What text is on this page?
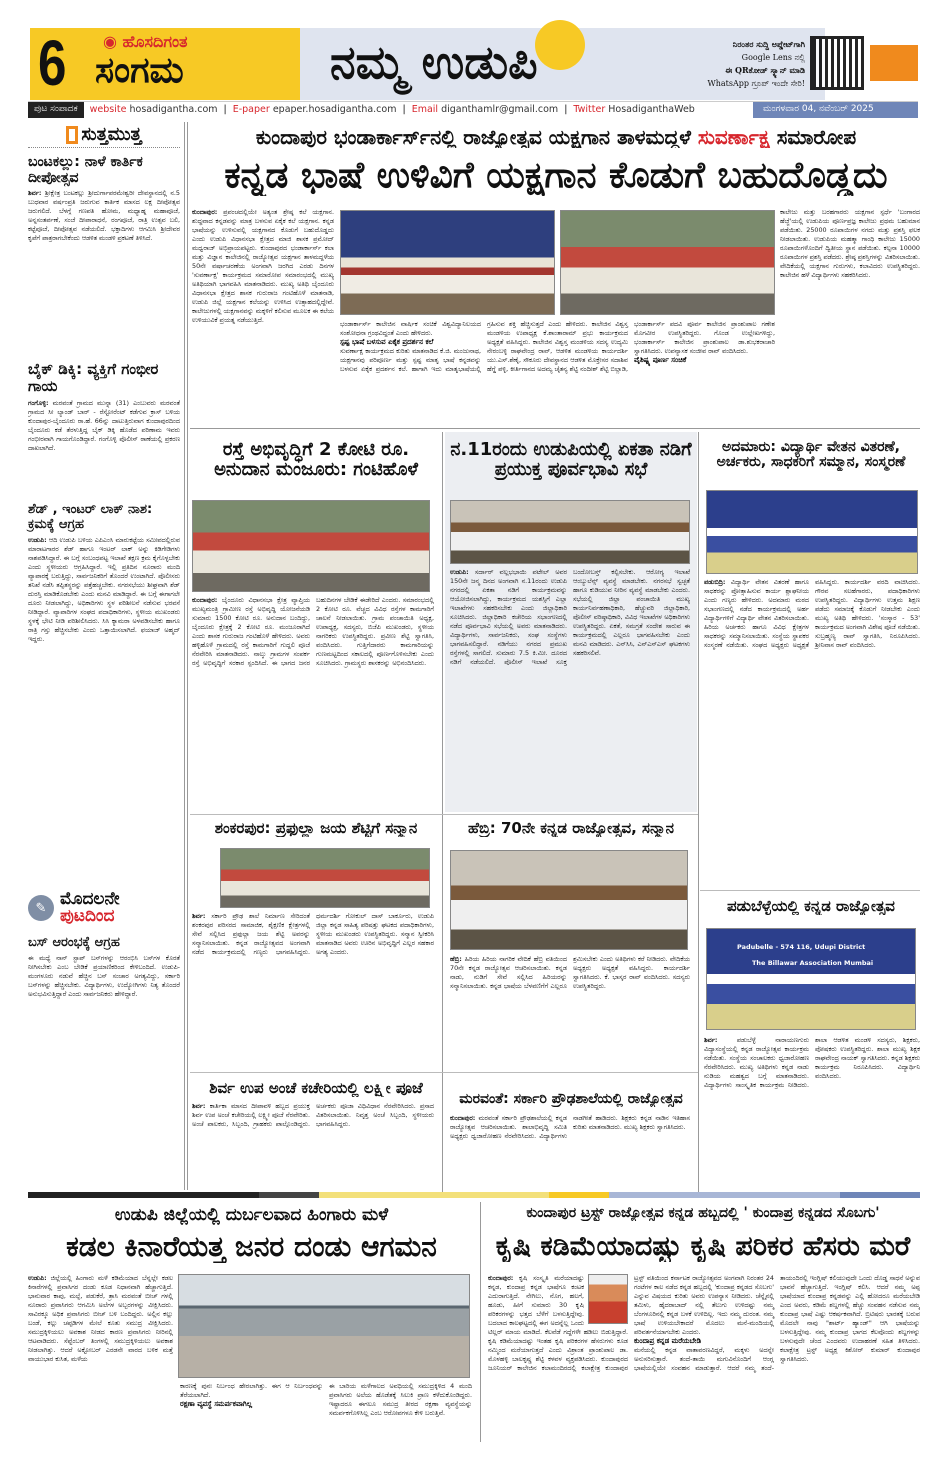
6 ◉ ಹೊಸದಿಗಂತ
ಸಂಗಮ	ನಮ್ಮ ಉಡುಪಿ	ನಿರಂತರ ಸುದ್ದಿ ಅಪ್ಡೇಟ್‌ಗಾಗಿ
Google Lens ನಲ್ಲಿ
ಈ QRಕೋಡ್ ಸ್ಕ್ಯಾನ್ ಮಾಡಿ
WhatsApp ಗ್ರೂಪ್ ಇಂದೇ ಸೇರಿ!
ಪುಟ ಸಂಪಾದಕ	website hosadigantha.com | E-paper epaper.hosadigantha.com | Email diganthamlr@gmail.com | Twitter HosadiganthaWeb	ಮಂಗಳವಾರ 04, ನವೆಂಬರ್ 2025
ಸುತ್ತಮುತ್ತ
ಬಂಟಕಲ್ಲು: ನಾಳೆ ಕಾರ್ತಿಕ ದೀಪೋತ್ಸವ
ಶಿರ್ವ: ಶ್ರೀಕ್ಷೇತ್ರ ಬಂಟಕಲ್ಲು ಶ್ರೀದುರ್ಗಾಪರಮೇಶ್ವರೀ ದೇವಸ್ಥಾನದಲ್ಲಿ ನ.5 ಬುಧವಾರ ವರ್ಷಂಪ್ರತಿ ಜರುಗುವ ಕಾರ್ತಿಕ ಮಾಸದ ಲಕ್ಷ ದೀಪೋತ್ಸವ ಜರುಗಲಿದೆ. ಬೆಳಗ್ಗೆ ಗಣಪತಿ ಹೋಮ, ಮಧ್ಯಾಹ್ನ ಮಹಾಪೂಜೆ, ಅನ್ನಸಂತರ್ಪಣೆ, ಸಂಜೆ ದೀಪಾರಾಧನೆ, ರಂಗಪೂಜೆ, ರಾತ್ರಿ ಉತ್ಸವ ಬಲಿ, ಕಟ್ಟೆಪೂಜೆ, ದೀಪೋತ್ಸವ ನಡೆಯಲಿದೆ. ಭಕ್ತಾದಿಗಳು ಆಗಮಿಸಿ ಶ್ರೀದೇವರ ಕೃಪೆಗೆ ಪಾತ್ರರಾಗಬೇಕೆಂದು ಆಡಳಿತ ಮಂಡಳಿ ಪ್ರಕಟಣೆ ತಿಳಿಸಿದೆ.
ಬೈಕ್ ಡಿಕ್ಕಿ: ವ್ಯಕ್ತಿಗೆ ಗಂಭೀರ ಗಾಯ
ಗಂಗೊಳ್ಳಿ: ಮರವಂತೆ ಗ್ರಾಮದ ಮುನ್ನಾ (31) ಎಂಬುವರು ಮರವಂತೆ ಗ್ರಾಮದ ಸೀ ಲ್ಯಾಂಡ್ ಬಾರ್ - ರೆಸ್ಟೋರೆಂಟ್ ಕಡೆಗುವ ಕ್ರಾಸ್ ಬಳಿಯ ಕುಂದಾಪುರ-ಬೈಂದೂರು ರಾ.ಹೆ. 66ನ್ನು ದಾಟುತ್ತಿರುವಾಗ ಕುಂದಾಪುರದಿಂದ ಬೈಂದೂರು ಕಡೆ ತೆರಳುತ್ತಿದ್ದ ಬೈಕ್ ಡಿಕ್ಕಿ ಹೊಡೆದ ಪರಿಣಾಮ ಇವರು ಗಂಭೀರವಾಗಿ ಗಾಯಗೊಂಡಿದ್ದಾರೆ. ಗಂಗೊಳ್ಳಿ ಪೊಲೀಸ್ ಠಾಣೆಯಲ್ಲಿ ಪ್ರಕರಣ ದಾಖಲಾಗಿದೆ.
ಶೆಡ್ , ಇಂಟರ್ ಲಾಕ್ ನಾಶ: ಕ್ರಮಕ್ಕೆ ಆಗ್ರಹ
ಉಡುಪಿ: ಆದಿ ಉಡುಪಿ ಬಳಿಯ ಎಪಿಎಂಸಿ ಮಾರುಕಟ್ಟೆಯ ಸಮೀಪದಲ್ಲಿರುವ ಮಾರಾಟಗಾರರ ಶೆಡ್ ಹಾಗೂ ಇಂಟರ್ ಲಾಕ್ ಅನ್ನು ಕಿಡಿಗೇಡಿಗಳು ನಾಶಪಡಿಸಿದ್ದಾರೆ. ಈ ಬಗ್ಗೆ ಸಂಬಂಧಪಟ್ಟ ಇಲಾಖೆ ತಕ್ಷಣ ಕ್ರಮ ಕೈಗೊಳ್ಳಬೇಕು ಎಂದು ಸ್ಥಳೀಯರು ಆಗ್ರಹಿಸಿದ್ದಾರೆ. ಇಲ್ಲಿ ಪ್ರತಿದಿನ ನೂರಾರು ಮಂದಿ ವ್ಯಾಪಾರಕ್ಕೆ ಬರುತ್ತಿದ್ದು, ಸಾರ್ವಜನಿಕರಿಗೆ ತೊಂದರೆ ಉಂಟಾಗಿದೆ. ಪೊಲೀಸರು ತನಿಖೆ ನಡೆಸಿ ತಪ್ಪಿತಸ್ಥರನ್ನು ಪತ್ತೆಹಚ್ಚಬೇಕು. ನಗರಸಭೆಯು ಶೀಘ್ರವಾಗಿ ಶೆಡ್ ದುರಸ್ತಿ ಮಾಡಿಕೊಡಬೇಕು ಎಂದು ಮನವಿ ಮಾಡಿದ್ದಾರೆ. ಈ ಬಗ್ಗೆ ಈಗಾಗಲೇ ದೂರು ನೀಡಲಾಗಿದ್ದು, ಅಧಿಕಾರಿಗಳು ಸ್ಥಳ ಪರಿಶೀಲನೆ ನಡೆಸುವ ಭರವಸೆ ನೀಡಿದ್ದಾರೆ. ವ್ಯಾಪಾರಿಗಳ ಸಂಘದ ಪದಾಧಿಕಾರಿಗಳು, ಸ್ಥಳೀಯ ಮುಖಂಡರು ಸ್ಥಳಕ್ಕೆ ಭೇಟಿ ನೀಡಿ ಪರಿಶೀಲಿಸಿದರು. ಸಿಸಿ ಕ್ಯಾಮರಾ ಅಳವಡಿಸಬೇಕು ಹಾಗೂ ರಾತ್ರಿ ಗಸ್ತು ಹೆಚ್ಚಿಸಬೇಕು ಎಂದು ಒತ್ತಾಯಿಸಲಾಗಿದೆ. ಫಯಾಜ್ ಅಹ್ಮದ್ ಇದ್ದರು.
✎ ಮೊದಲನೇ
ಪುಟದಿಂದ
ಬಸ್ ಆರಂಭಕ್ಕೆ ಆಗ್ರಹ
ಈ ಮಧ್ಯೆ ನಾನ್ ಸ್ಟಾಪ್ ಬಸ್‌ಗಳನ್ನು ಆರಂಭಿಸಿ ಬಸ್‌ಗಳ ಕೊರತೆ ನೀಗಿಸಬೇಕು ಎಂಬ ಬೇಡಿಕೆ ಪ್ರಯಾಣಿಕರಿಂದ ಕೇಳಿಬಂದಿದೆ. ಉಡುಪಿ-ಮಂಗಳೂರು ನಡುವೆ ಹೆಚ್ಚಿನ ಬಸ್ ಸಂಚಾರ ಅಗತ್ಯವಿದ್ದು, ಸರ್ಕಾರಿ ಬಸ್‌ಗಳನ್ನು ಹೆಚ್ಚಿಸಬೇಕು. ವಿದ್ಯಾರ್ಥಿಗಳು, ಉದ್ಯೋಗಿಗಳು ನಿತ್ಯ ತೊಂದರೆ ಅನುಭವಿಸುತ್ತಿದ್ದಾರೆ ಎಂದು ಸಾರ್ವಜನಿಕರು ಹೇಳಿದ್ದಾರೆ.
ಕುಂದಾಪುರ ಭಂಡಾರ್ಕಾರ್ಸ್‌ನಲ್ಲಿ ರಾಜ್ಯೋತ್ಸವ ಯಕ್ಷಗಾನ ತಾಳಮದ್ದಳೆ ಸುವರ್ಣಾಕ್ಷ ಸಮಾರೋಪ
ಕನ್ನಡ ಭಾಷೆ ಉಳಿವಿಗೆ ಯಕ್ಷಗಾನ ಕೊಡುಗೆ ಬಹುದೊಡ್ಡದು
ಕುಂದಾಪುರ: ಪ್ರಪಂಚದಲ್ಲಿಯೇ ಅತ್ಯಂತ ಶ್ರೇಷ್ಠ ಕಲೆ ಯಕ್ಷಗಾನ. ಶುದ್ಧವಾದ ಕನ್ನಡವನ್ನು ಮಾತ್ರ ಬಳಸುವ ಏಕೈಕ ಕಲೆ ಯಕ್ಷಗಾನ. ಕನ್ನಡ ಭಾಷೆಯನ್ನು ಉಳಿಸುವಲ್ಲಿ ಯಕ್ಷಗಾನದ ಕೊಡುಗೆ ಬಹುದೊಡ್ಡದು ಎಂದು ಉಡುಪಿ ವಿಧಾನಸಭಾ ಕ್ಷೇತ್ರದ ಮಾಜಿ ಶಾಸಕ ಪ್ರಮೋದ್ ಮಧ್ವರಾಜ್ ಅಭಿಪ್ರಾಯಪಟ್ಟರು. ಕುಂದಾಪುರದ ಭಂಡಾರ್ಕಾರ್ಸ್ ಕಲಾ ಮತ್ತು ವಿಜ್ಞಾನ ಕಾಲೇಜಿನಲ್ಲಿ ರಾಜ್ಯೋತ್ಸವ ಯಕ್ಷಗಾನ ತಾಳಮದ್ದಳೆಯ 50ನೇ ವರ್ಷಾಚರಣೆಯ ಅಂಗವಾಗಿ ಜರಗಿದ ಎರಡು ದಿನಗಳ 'ಸುವರ್ಣಾಕ್ಷ' ಕಾರ್ಯಕ್ರಮದ ಸಮಾರೋಪ ಸಮಾರಂಭದಲ್ಲಿ ಮುಖ್ಯ ಅತಿಥಿಯಾಗಿ ಭಾಗವಹಿಸಿ ಮಾತನಾಡಿದರು. ಮುಖ್ಯ ಅತಿಥಿ ಬೈಂದೂರು ವಿಧಾನಸಭಾ ಕ್ಷೇತ್ರದ ಶಾಸಕ ಗುರುರಾಜ ಗಂಟಿಹೊಳೆ ಮಾತನಾಡಿ, ಉಡುಪಿ ಜಿಲ್ಲೆ ಯಕ್ಷಗಾನ ಕಲೆಯನ್ನು ಉಳಿಸಿದ ಉತ್ಸಾಹದಲ್ಲಿದ್ದೇವೆ. ಕಾಲೇಜುಗಳಲ್ಲಿ ಯಕ್ಷಗಾನವನ್ನು ಮಕ್ಕಳಿಗೆ ಕಲಿಸುವ ಮೂಲಕ ಈ ಕಲೆಯ ಉಳಿಯುವಿಕೆ ಪ್ರಯತ್ನ ನಡೆಯುತ್ತಿದೆ.	ಭಂಡಾರ್ಕಾರ್ಸ್ ಕಾಲೇಜಿನ ವಾರ್ಷಿಕ ಸಂಚಿಕೆ ವಿಶ್ವವಿದ್ಯಾನಿಲಯದ ಸಂಶೋಧನಾ ಗ್ರಂಥವಿದ್ದಂತೆ ಎಂದು ಹೇಳಿದರು.
ಸ್ಪಷ್ಟ ಭಾಷೆ ಬಳಸುವ ಏಕೈಕ ಪ್ರದರ್ಶನ ಕಲೆ
ಸುವರ್ಣಾಕ್ಷ ಕಾರ್ಯಕ್ರಮದ ಕುರಿತು ಮಾತನಾಡಿದ ಕೆ.ಜಿ. ಮಂಜುನಾಥ, ಯಕ್ಷಗಾನವು ಪರಿಪೂರ್ಣ ಮತ್ತು ಸ್ಪಷ್ಟ ಮಾತೃ ಭಾಷೆ ಕನ್ನಡವನ್ನು ಬಳಸುವ ಏಕೈಕ ಪ್ರದರ್ಶನ ಕಲೆ. ಹಾಗಾಗಿ ಇದು ಮಾತೃಭಾಷೆಯಲ್ಲಿ ಗ್ರಹಿಸುವ ಶಕ್ತಿ ಹೆಚ್ಚಿಸುತ್ತದೆ ಎಂದು ಹೇಳಿದರು. ಕಾಲೇಜಿನ ವಿಶ್ವಸ್ತ ಮಂಡಳಿಯ ಉಪಾಧ್ಯಕ್ಷ ಕೆ.ಶಾಂತಾರಾಮ್ ಪ್ರಭು ಕಾರ್ಯಕ್ರಮದ ಅಧ್ಯಕ್ಷತೆ ವಹಿಸಿದ್ದರು. ಕಾಲೇಜಿನ ವಿಶ್ವಸ್ತ ಮಂಡಳಿಯ ಸದಸ್ಯ ಉದ್ಯಮಿ ನೇರಂಬಳ್ಳಿ ರಾಘವೇಂದ್ರ ರಾವ್, ಆಡಳಿತ ಮಂಡಳಿಯ ಕಾರ್ಯದರ್ಶಿ ಯು.ಎಸ್.ಶೆಣೈ, ಸೌಕೂರು ದೇವಸ್ಥಾನದ ಆಡಳಿತ ಮೊಕ್ತೇಸರ ಸದಾಶಿವ ಹೆಗ್ಡೆ ಪಳ್ಳಿ, ಕೀರ್ತಿಗಾನದ ಅದಮ್ಯ ಚೈತನ್ಯ ಶೆಟ್ಟಿ ನಂದೀಶ್ ಶೆಟ್ಟಿ ಬಿಲ್ಲಾಡಿ, ಭಂಡಾರ್ಕಾರ್ಸ್ ಪದವಿ ಪೂರ್ವ ಕಾಲೇಜಿನ ಪ್ರಾಂಶುಪಾಲ ಗಣೇಶ ಮೊಗವೀರ ಉಪಸ್ಥಿತರಿದ್ದರು. ಗೊಂಡ ಉಲ್ಲೇಖಗಳಿದ್ದು, ಭಂಡಾರ್ಕಾರ್ಸ್ ಕಾಲೇಜಿನ ಪ್ರಾಂಶುಪಾಲ ಡಾ.ಶುಭಕರಾಚಾರಿ ಸ್ವಾಗತಿಸಿದರು. ಉಪನ್ಯಾಸಕ ಸಂಜೀವ ರಾವ್ ವಂದಿಸಿದರು.
ವೈಶಿಷ್ಟ್ಯ ಪೂರ್ಣ ಸಂಚಿಕೆ
ಕಾಲೇಜು ಮತ್ತು ಬರಹಗಾರರು ಯಕ್ಷಗಾನ ಸ್ಪರ್ಧೆ 'ಬಂಗಾರದ ಹೆಜ್ಜೆ'ಯಲ್ಲಿ ಉಡುಪಿಯ ಪೂರ್ಣಪ್ರಜ್ಞ ಕಾಲೇಜು ಪ್ರಥಮ ಬಹುಮಾನ ಪಡೆಯಿತು. 25000 ರೂಪಾಯಿಗಳ ನಗದು ಮತ್ತು ಪ್ರಶಸ್ತಿ ಫಲಕ ನೀಡಲಾಯಿತು. ಉಡುಪಿಯ ಮಹತ್ಮಾ ಗಾಂಧಿ ಕಾಲೇಜು 15000 ರೂಪಾಯಿಗಳೊಂದಿಗೆ ದ್ವಿತೀಯ ಸ್ಥಾನ ಪಡೆಯಿತು. ಕಲ್ಪನಾ 10000 ರೂಪಾಯಿಗಳ ಪ್ರಶಸ್ತಿ ಪಡೆದರು. ಶ್ರೇಷ್ಠ ಪ್ರಶಸ್ತಿಗಳನ್ನು ವಿತರಿಸಲಾಯಿತು. ವೇದಿಕೆಯಲ್ಲಿ ಯಕ್ಷಗಾನ ಗುರುಗಳು, ಕಲಾವಿದರು ಉಪಸ್ಥಿತರಿದ್ದರು. ಕಾಲೇಜಿನ ಹಳೆ ವಿದ್ಯಾರ್ಥಿಗಳು ಸಹಕರಿಸಿದರು.
ರಸ್ತೆ ಅಭಿವೃದ್ಧಿಗೆ 2 ಕೋಟಿ ರೂ. ಅನುದಾನ ಮಂಜೂರು: ಗಂಟಿಹೊಳೆ
ಕುಂದಾಪುರ: ಬೈಂದೂರು ವಿಧಾನಸಭಾ ಕ್ಷೇತ್ರ ವ್ಯಾಪ್ತಿಯ ಮುಖ್ಯಮಂತ್ರಿ ಗ್ರಾಮೀಣ ರಸ್ತೆ ಅಭಿವೃದ್ಧಿ ಯೋಜನೆಯಡಿ ಸುಮಾರು 1500 ಕೋಟಿ ರೂ. ಅನುದಾನ ಬಂದಿದ್ದು, ಬೈಂದೂರು ಕ್ಷೇತ್ರಕ್ಕೆ 2 ಕೋಟಿ ರೂ. ಮಂಜೂರಾಗಿದೆ ಎಂದು ಶಾಸಕ ಗುರುರಾಜ ಗಂಟಿಹೊಳೆ ಹೇಳಿದರು. ಅವರು ಹಳ್ಳಿಹೊಳೆ ಗ್ರಾಮದಲ್ಲಿ ರಸ್ತೆ ಕಾಮಗಾರಿಗೆ ಗುದ್ದಲಿ ಪೂಜೆ ನೆರವೇರಿಸಿ ಮಾತನಾಡಿದರು. ನಾಲ್ಕು ಗ್ರಾಮಗಳ ಸಂಪರ್ಕ ರಸ್ತೆ ಅಭಿವೃದ್ಧಿಗೆ ಸರಕಾರ ಸ್ಪಂದಿಸಿದೆ. ಈ ಭಾಗದ ಜನರ ಬಹುದಿನಗಳ ಬೇಡಿಕೆ ಈಡೇರಿದೆ ಎಂದರು. ಸಮಾರಂಭದಲ್ಲಿ 2 ಕೋಟಿ ರೂ. ವೆಚ್ಚದ ವಿವಿಧ ರಸ್ತೆಗಳ ಕಾಮಗಾರಿಗೆ ಚಾಲನೆ ನೀಡಲಾಯಿತು. ಗ್ರಾಮ ಪಂಚಾಯಿತಿ ಅಧ್ಯಕ್ಷ, ಉಪಾಧ್ಯಕ್ಷ, ಸದಸ್ಯರು, ಬಿಜೆಪಿ ಮುಖಂಡರು, ಸ್ಥಳೀಯ ನಾಗರಿಕರು ಉಪಸ್ಥಿತರಿದ್ದರು. ಪ್ರವೀಣ ಶೆಟ್ಟಿ ಸ್ವಾಗತಿಸಿ, ವಂದಿಸಿದರು. ಗುತ್ತಿಗೆದಾರರು ಕಾಮಗಾರಿಯನ್ನು ಗುಣಮಟ್ಟದಿಂದ ಸಕಾಲದಲ್ಲಿ ಪೂರ್ಣಗೊಳಿಸಬೇಕು ಎಂದು ಸೂಚಿಸಿದರು. ಗ್ರಾಮಸ್ಥರು ಶಾಸಕರನ್ನು ಅಭಿನಂದಿಸಿದರು.
ನ.11ರಂದು ಉಡುಪಿಯಲ್ಲಿ ಏಕತಾ ನಡಿಗೆ ಪ್ರಯುಕ್ತ ಪೂರ್ವಭಾವಿ ಸಭೆ
ಉಡುಪಿ: ಸರ್ದಾರ್ ವಲ್ಲಭಭಾಯಿ ಪಟೇಲ್ ಅವರ 150ನೇ ಜನ್ಮ ದಿನದ ಅಂಗವಾಗಿ ನ.11ರಂದು ಉಡುಪಿ ನಗರದಲ್ಲಿ ಏಕತಾ ನಡಿಗೆ ಕಾರ್ಯಕ್ರಮವನ್ನು ಆಯೋಜಿಸಲಾಗಿದ್ದು, ಕಾರ್ಯಕ್ರಮದ ಯಶಸ್ಸಿಗೆ ಎಲ್ಲಾ ಇಲಾಖೆಗಳು ಸಹಕರಿಸಬೇಕು ಎಂದು ಜಿಲ್ಲಾಧಿಕಾರಿ ಸೂಚಿಸಿದರು. ಜಿಲ್ಲಾಧಿಕಾರಿ ಕಚೇರಿಯ ಸಭಾಂಗಣದಲ್ಲಿ ನಡೆದ ಪೂರ್ವಭಾವಿ ಸಭೆಯಲ್ಲಿ ಅವರು ಮಾತನಾಡಿದರು. ವಿದ್ಯಾರ್ಥಿಗಳು, ಸಾರ್ವಜನಿಕರು, ಸಂಘ ಸಂಸ್ಥೆಗಳು ಭಾಗವಹಿಸಲಿದ್ದಾರೆ. ನಡಿಗೆಯು ನಗರದ ಪ್ರಮುಖ ರಸ್ತೆಗಳಲ್ಲಿ ಸಾಗಲಿದೆ. ಸುಮಾರು 7.5 ಕಿ.ಮೀ. ದೂರದ ನಡಿಗೆ ನಡೆಯಲಿದೆ. ಪೊಲೀಸ್ ಇಲಾಖೆ ಸೂಕ್ತ ಬಂದೋಬಸ್ತ್ ಕಲ್ಪಿಸಬೇಕು. ಆರೋಗ್ಯ ಇಲಾಖೆ ಆಂಬ್ಯುಲೆನ್ಸ್ ವ್ಯವಸ್ಥೆ ಮಾಡಬೇಕು. ನಗರಸಭೆ ಸ್ವಚ್ಛತೆ ಹಾಗೂ ಕುಡಿಯುವ ನೀರಿನ ವ್ಯವಸ್ಥೆ ಮಾಡಬೇಕು ಎಂದರು. ಸಭೆಯಲ್ಲಿ ಜಿಲ್ಲಾ ಪಂಚಾಯಿತಿ ಮುಖ್ಯ ಕಾರ್ಯನಿರ್ವಹಣಾಧಿಕಾರಿ, ಹೆಚ್ಚುವರಿ ಜಿಲ್ಲಾಧಿಕಾರಿ, ಪೊಲೀಸ್ ವರಿಷ್ಠಾಧಿಕಾರಿ, ವಿವಿಧ ಇಲಾಖೆಗಳ ಅಧಿಕಾರಿಗಳು ಉಪಸ್ಥಿತರಿದ್ದರು. ಏಕತೆ, ಸಮಗ್ರತೆ ಸಂದೇಶ ಸಾರುವ ಈ ಕಾರ್ಯಕ್ರಮದಲ್ಲಿ ಎಲ್ಲರೂ ಭಾಗವಹಿಸಬೇಕು ಎಂದು ಮನವಿ ಮಾಡಿದರು. ಎನ್‌ಸಿಸಿ, ಎನ್‌ಎಸ್‌ಎಸ್ ಘಟಕಗಳು ಸಹಕರಿಸಲಿವೆ.
ಅದಮಾರು: ವಿದ್ಯಾರ್ಥಿ ವೇತನ ವಿತರಣೆ, ಅರ್ಚಕರು, ಸಾಧಕರಿಗೆ ಸಮ್ಮಾನ, ಸಂಸ್ಮರಣೆ
ಪಡುಬಿದ್ರಿ: ವಿದ್ಯಾರ್ಥಿ ವೇತನ ವಿತರಣೆ ಹಾಗೂ ಸಾಧಕರನ್ನು ಪ್ರೋತ್ಸಾಹಿಸುವ ಕಾರ್ಯ ಶ್ಲಾಘನೀಯ ಎಂದು ಗಣ್ಯರು ಹೇಳಿದರು. ಅದಮಾರು ಮಠದ ಸಭಾಂಗಣದಲ್ಲಿ ನಡೆದ ಕಾರ್ಯಕ್ರಮದಲ್ಲಿ ಅರ್ಹ ವಿದ್ಯಾರ್ಥಿಗಳಿಗೆ ವಿದ್ಯಾರ್ಥಿ ವೇತನ ವಿತರಿಸಲಾಯಿತು. ಹಿರಿಯ ಅರ್ಚಕರು ಹಾಗೂ ವಿವಿಧ ಕ್ಷೇತ್ರಗಳ ಸಾಧಕರನ್ನು ಸಮ್ಮಾನಿಸಲಾಯಿತು. ಸಂಸ್ಥೆಯ ಸ್ಥಾಪಕರ ಸಂಸ್ಮರಣೆ ನಡೆಯಿತು. ಸಂಘದ ಅಧ್ಯಕ್ಷರು ಅಧ್ಯಕ್ಷತೆ ವಹಿಸಿದ್ದರು. ಕಾರ್ಯದರ್ಶಿ ವರದಿ ವಾಚಿಸಿದರು. ಗೌರವ ಸಲಹೆಗಾರರು, ಪದಾಧಿಕಾರಿಗಳು ಉಪಸ್ಥಿತರಿದ್ದರು. ವಿದ್ಯಾರ್ಥಿಗಳು ಉತ್ತಮ ಶಿಕ್ಷಣ ಪಡೆದು ಸಮಾಜಕ್ಕೆ ಕೊಡುಗೆ ನೀಡಬೇಕು ಎಂದು ಮುಖ್ಯ ಅತಿಥಿ ಹೇಳಿದರು. 'ಸಂಸ್ಕಾರ - 53' ಕಾರ್ಯಕ್ರಮದ ಅಂಗವಾಗಿ ವಿಶೇಷ ಪೂಜೆ ನಡೆಯಿತು. ಸುಬ್ರಹ್ಮಣ್ಯ ರಾವ್ ಸ್ವಾಗತಿಸಿ, ನಿರೂಪಿಸಿದರು. ಶ್ರೀನಿವಾಸ ರಾವ್ ವಂದಿಸಿದರು.
ಶಂಕರಪುರ: ಪ್ರಫುಲ್ಲಾ ಜಯ ಶೆಟ್ಟಿಗೆ ಸನ್ಮಾನ
ಶಿರ್ವ: ಸರ್ಕಾರಿ ಪ್ರೌಢ ಶಾಲೆ ನಿರ್ಮಾಣ ಸೇರಿದಂತೆ ಶಂಕರಪುರ ಪರಿಸರದ ಸಾಮಾಜಿಕ, ಶೈಕ್ಷಣಿಕ ಕ್ಷೇತ್ರಗಳಲ್ಲಿ ಸೇವೆ ಸಲ್ಲಿಸಿದ ಪ್ರಫುಲ್ಲಾ ಜಯ ಶೆಟ್ಟಿ ಅವರನ್ನು ಸನ್ಮಾನಿಸಲಾಯಿತು. ಕನ್ನಡ ರಾಜ್ಯೋತ್ಸವದ ಅಂಗವಾಗಿ ನಡೆದ ಕಾರ್ಯಕ್ರಮದಲ್ಲಿ ಗಣ್ಯರು ಭಾಗವಹಿಸಿದ್ದರು. ಧರ್ಮದರ್ಶಿ ಗೋಕುಲ್ ದಾಸ್ ಬಾರ್ಕೂರು, ಉಡುಪಿ ಜಿಲ್ಲಾ ಕನ್ನಡ ಸಾಹಿತ್ಯ ಪರಿಷತ್ತು ಘಟಕದ ಪದಾಧಿಕಾರಿಗಳು, ಸ್ಥಳೀಯ ಮುಖಂಡರು ಉಪಸ್ಥಿತರಿದ್ದರು. ಸನ್ಮಾನ ಸ್ವೀಕರಿಸಿ ಮಾತನಾಡಿದ ಅವರು ಊರಿನ ಅಭಿವೃದ್ಧಿಗೆ ಎಲ್ಲರ ಸಹಕಾರ ಅಗತ್ಯ ಎಂದರು.
ಹೆಬ್ರಿ: 70ನೇ ಕನ್ನಡ ರಾಜ್ಯೋತ್ಸವ, ಸನ್ಮಾನ
ಹೆಬ್ರಿ: ಹಿರಿಯ ಹಿರಿಯ ನಾಗರಿಕ ವೇದಿಕೆ ಹೆಬ್ರಿ ವತಿಯಿಂದ 70ನೇ ಕನ್ನಡ ರಾಜ್ಯೋತ್ಸವ ಆಚರಿಸಲಾಯಿತು. ಕನ್ನಡ ನಾಡು, ನುಡಿಗೆ ಸೇವೆ ಸಲ್ಲಿಸಿದ ಹಿರಿಯರನ್ನು ಸನ್ಮಾನಿಸಲಾಯಿತು. ಕನ್ನಡ ಭಾಷೆಯ ಬೆಳವಣಿಗೆಗೆ ಎಲ್ಲರೂ ಶ್ರಮಿಸಬೇಕು ಎಂದು ಅತಿಥಿಗಳು ಕರೆ ನೀಡಿದರು. ವೇದಿಕೆಯ ಅಧ್ಯಕ್ಷರು ಅಧ್ಯಕ್ಷತೆ ವಹಿಸಿದ್ದರು. ಕಾರ್ಯದರ್ಶಿ ಸ್ವಾಗತಿಸಿದರು. ಕೆ. ಭಾಸ್ಕರ ರಾವ್ ವಂದಿಸಿದರು. ಸದಸ್ಯರು ಉಪಸ್ಥಿತರಿದ್ದರು.
ಪಡುಬೆಳ್ಳೆಯಲ್ಲಿ ಕನ್ನಡ ರಾಜ್ಯೋತ್ಸವ
Padubelle - 574 116, Udupi District
The Billawar Association Mumbai
ಶಿರ್ವ:	ಪಡುಬೆಳ್ಳೆ ನಾರಾಯಣಗುರು ವಿದ್ಯಾಸಂಸ್ಥೆಯಲ್ಲಿ ಕನ್ನಡ ರಾಜ್ಯೋತ್ಸವ ಕಾರ್ಯಕ್ರಮ ನಡೆಯಿತು. ಸಂಸ್ಥೆಯ ಸಂಚಾಲಕರು ಧ್ವಜಾರೋಹಣ ನೆರವೇರಿಸಿದರು. ಮುಖ್ಯ ಅತಿಥಿಗಳು ಕನ್ನಡ ನಾಡು ನುಡಿಯ ಮಹತ್ವದ ಬಗ್ಗೆ ಮಾತನಾಡಿದರು. ವಿದ್ಯಾರ್ಥಿಗಳು ಸಾಂಸ್ಕೃತಿಕ ಕಾರ್ಯಕ್ರಮ ನೀಡಿದರು. ಶಾಲಾ ಆಡಳಿತ ಮಂಡಳಿ ಸದಸ್ಯರು, ಶಿಕ್ಷಕರು, ಪೋಷಕರು ಉಪಸ್ಥಿತರಿದ್ದರು. ಶಾಲಾ ಮುಖ್ಯ ಶಿಕ್ಷಕ ರಾಘವೇಂದ್ರ ನಾಯಕ್ ಸ್ವಾಗತಿಸಿದರು. ಕನ್ನಡ ಶಿಕ್ಷಕರು ಕಾರ್ಯಕ್ರಮ ನಿರೂಪಿಸಿದರು. ವಿದ್ಯಾರ್ಥಿನಿ ವಂದಿಸಿದರು.
ಶಿರ್ವ ಉಪ ಅಂಚೆ ಕಚೇರಿಯಲ್ಲಿ ಲಕ್ಷ್ಮೀ ಪೂಜೆ
ಶಿರ್ವ: ಕಾರ್ತಿಕಾ ಮಾಸದ ದೀಪಾವಳಿ ಹಬ್ಬದ ಪ್ರಯುಕ್ತ ಶಿರ್ವ ಉಪ ಅಂಚೆ ಕಚೇರಿಯಲ್ಲಿ ಲಕ್ಷ್ಮೀ ಪೂಜೆ ನೆರವೇರಿತು. ಅಂಚೆ ಪಾಲಕರು, ಸಿಬ್ಬಂದಿ, ಗ್ರಾಹಕರು ಪಾಲ್ಗೊಂಡಿದ್ದರು. ಅರ್ಚಕರು ಪೂಜಾ ವಿಧಿವಿಧಾನ ನೆರವೇರಿಸಿದರು. ಪ್ರಸಾದ ವಿತರಿಸಲಾಯಿತು. ನಿವೃತ್ತ ಅಂಚೆ ಸಿಬ್ಬಂದಿ, ಸ್ಥಳೀಯರು ಭಾಗವಹಿಸಿದ್ದರು.
ಮರವಂತೆ: ಸರ್ಕಾರಿ ಪ್ರೌಢಶಾಲೆಯಲ್ಲಿ ರಾಜ್ಯೋತ್ಸವ
ಕುಂದಾಪುರ: ಮರವಂತೆ ಸರ್ಕಾರಿ ಪ್ರೌಢಶಾಲೆಯಲ್ಲಿ ಕನ್ನಡ ರಾಜ್ಯೋತ್ಸವ ಆಚರಿಸಲಾಯಿತು. ಶಾಲಾಭಿವೃದ್ಧಿ ಸಮಿತಿ ಅಧ್ಯಕ್ಷರು ಧ್ವಜಾರೋಹಣ ನೆರವೇರಿಸಿದರು. ವಿದ್ಯಾರ್ಥಿಗಳು ನಾಡಗೀತೆ ಹಾಡಿದರು. ಶಿಕ್ಷಕರು ಕನ್ನಡ ನಾಡಿನ ಇತಿಹಾಸ ಕುರಿತು ಮಾತನಾಡಿದರು. ಮುಖ್ಯ ಶಿಕ್ಷಕರು ಸ್ವಾಗತಿಸಿದರು.
ಉಡುಪಿ ಜಿಲ್ಲೆಯಲ್ಲಿ ದುರ್ಬಲವಾದ ಹಿಂಗಾರು ಮಳೆ
ಕಡಲ ಕಿನಾರೆಯತ್ತ ಜನರ ದಂಡು ಆಗಮನ
ಉಡುಪಿ: ಜಿಲ್ಲೆಯಲ್ಲಿ ಹಿಂಗಾರು ಮಳೆ ಕಡಿಮೆಯಾದ ಬೆನ್ನಲ್ಲೇ ಕಡಲ ಕಿನಾರೆಗಳಲ್ಲಿ ಪ್ರವಾಸಿಗರ ದಂಡು ಕೂಡ ನಿಧಾನವಾಗಿ ಹೆಚ್ಚಾಗುತ್ತಿದೆ. ಭಾನುವಾರ ಕಾಪು, ಮಲ್ಪೆ, ಪಡುಕೆರೆ, ತ್ರಾಸಿ ಮರವಂತೆ ಬೀಚ್ ಗಳಲ್ಲಿ ನೂರಾರು ಪ್ರವಾಸಿಗರು ಆಗಮಿಸಿ ಅಲೆಗಳ ಅಬ್ಬರಗಳನ್ನು ವೀಕ್ಷಿಸಿದರು. ಸಾವಿರಕ್ಕೂ ಅಧಿಕ ಪ್ರವಾಸಿಗರು ಬೀಚ್ ಬಳಿ ಬಂದಿದ್ದರು. ಅಲ್ಲಿನ ಕಲ್ಲು ಬಂಡೆ, ಕಲ್ಲು ಚಪ್ಪಡಿಗಳ ಮೇಲೆ ಕೂತು ಸಮುದ್ರ ವೀಕ್ಷಿಸಿದರು. ಸಮುದ್ರಕ್ಕಿಳಿಯಲು ಅವಕಾಶ ನೀಡದ ಕಾರಣ ಪ್ರವಾಸಿಗರು ನೀರಿನಲ್ಲಿ ಆಟವಾಡಿದರು. ಸೆಪ್ಟೆಂಬರ್ ತಿಂಗಳಲ್ಲಿ ಸಮುದ್ರಕ್ಕಿಳಿಯಲು ಅವಕಾಶ ನೀಡಲಾಗಿತ್ತು. ಆದರೆ ಅಕ್ಟೋಬರ್ ಎರಡನೇ ವಾರದ ಬಳಿಕ ಮತ್ತೆ ವಾಯುಭಾರ ಕುಸಿತ, ಮಳೆಯ
ಕಾರಣಕ್ಕೆ ಪುನಃ ನಿರ್ಬಂಧ ಹೇರಲಾಗಿತ್ತು. ಈಗ ಆ ನಿರ್ಬಂಧವನ್ನು ತೆರೆಯಲಾಗಿದೆ.
ರಕ್ಷಣಾ ವ್ಯವಸ್ಥೆ ಸಮರ್ಪಕವಾಗಿಲ್ಲ
ಈ ಬಾರಿಯ ಮಳೆಗಾಲದ ಅವಧಿಯಲ್ಲಿ ಸಮುದ್ರಕ್ಕಿಳಿದ 4 ಮಂದಿ ಪ್ರವಾಸಿಗರು ಅಲೆಯ ಹೊಡೆತಕ್ಕೆ ಸಿಲುಕಿ ಪ್ರಾಣ ಕಳೆದುಕೊಂಡಿದ್ದರು. ಇಷ್ಟಾದರೂ ಈಗಲೂ ಸಮುದ್ರ ತೀರದ ರಕ್ಷಣಾ ವ್ಯವಸ್ಥೆಯನ್ನು ಸಮರ್ಪಕಗೊಳಿಸಿಲ್ಲ ಎಂಬ ಆರೋಪಗಳೂ ಕೇಳಿ ಬರುತ್ತಿವೆ.
ಕುಂದಾಪುರ ಟ್ರಸ್ಟ್ ರಾಜ್ಯೋತ್ಸವ ಕನ್ನಡ ಹಬ್ಬದಲ್ಲಿ ' ಕುಂದಾಪ್ರ ಕನ್ನಡದ ಸೊಬಗು'
ಕೃಷಿ ಕಡಿಮೆಯಾದಷ್ಟು ಕೃಷಿ ಪರಿಕರ ಹೆಸರು ಮರೆ
ಕುಂದಾಪುರ: ಕೃಷಿ ಸಂಸ್ಕೃತಿ ಮರೆಯಾದಷ್ಟು ಕನ್ನಡ, ಕುಂದಾಪ್ರ ಕನ್ನಡ ಭಾಷೆಗೂ ಕಂಟಕ ಎದುರಾಗುತ್ತಿದೆ. ನೇಗಿಲು, ನೊಗ, ಹಲಗೆ, ಹೂಡು, ಹೀಗೆ ಸುಮಾರು 30 ಕೃಷಿ ಪರಿಕರಗಳನ್ನು ಭತ್ತದ ಬೆಳೆಗೆ ಬಳಸುತ್ತಿದ್ದೇವು. ಬದಲಾದ ಕಾಲಘಟ್ಟದಲ್ಲಿ ಈಗ ಅದನ್ನೆಲ್ಲ ಒಂದು ಟಿಲ್ಲರ್ ಮಾಯ ಮಾಡಿದೆ. ಕೆಲವೆಡೆ ಗದ್ದೆಗಳೇ ಹಡಿಲು ಬಿಡುತ್ತಿದ್ದಾರೆ. ಕೃಷಿ ಕಡಿಮೆಯಾದಷ್ಟು ಇಂತಹ ಕೃಷಿ ಪರಿಕರಗಳ ಹೆಸರುಗಳು ಕೂಡ ನಮ್ಮಿಂದ ಮರೆಯಾಗುತ್ತದೆ ಎಂದು ವಿಶ್ರಾಂತ ಪ್ರಾಂಶುಪಾಲ ಡಾ. ಮೊಳಹಳ್ಳಿ ಬಾಲಕೃಷ್ಣ ಶೆಟ್ಟಿ ಕಳವಳ ವ್ಯಕ್ತಪಡಿಸಿದರು. ಕುಂದಾಪುರದ ಜೂನಿಯರ್ ಕಾಲೇಜಿನ ಕಲಾಮಂದಿರದಲ್ಲಿ ಕಲಾಕ್ಷೇತ್ರ ಕುಂದಾಪುರ ಟ್ರಸ್ಟ್ ವತಿಯಿಂದ ಕರ್ನಾಟಕ ರಾಜ್ಯೋತ್ಸವದ ಅಂಗವಾಗಿ ನಿರಂತರ 24 ಗಂಟೆಗಳ ಕಾಲ ನಡೆದ ಕನ್ನಡ ಹಬ್ಬದಲ್ಲಿ 'ಕುಂದಾಪ್ರ ಕನ್ನಡದ ಸೊಬಗು' ಎನ್ನುವ ವಿಷಯದ ಕುರಿತು ಅವರು ಉಪನ್ಯಾಸ ನೀಡಿದರು. ಚೆನ್ನೈನಲ್ಲಿ ತಮಿಳು, ಹೈದರಾಬಾದ್ ನಲ್ಲಿ ತೆಲುಗು ಉಳಿದಷ್ಟು ನಮ್ಮ ಬೆಂಗಳೂರಿನಲ್ಲಿ ಕನ್ನಡ ಬಳಕೆ ಉಳಿದಿಲ್ಲ. ಇದು ನಮ್ಮ ದುರಂತ. ನಮ್ಮ ಭಾಷೆ ಉಳಿಯಬೇಕಾದರೆ ಮೊದಲು ಮನೆ-ಮಂದಿಯಲ್ಲಿ ಪರಿವರ್ತನೆಯಾಗಬೇಕು ಎಂದರು.
ಕುಂದಾಪ್ರ ಕನ್ನಡ ಮರೆಯಬೇಡಿ
ಮನೆಯಲ್ಲಿ ಕನ್ನಡ ವಾತಾವರಣವಿದ್ದರೆ, ಮಕ್ಕಳು ಅದನ್ನೇ ಅನುಸರಿಸುತ್ತಾರೆ. ತಂದೆ-ತಾಯಿ ಮಗುವಿನೊಂದಿಗೆ ಆಂಗ್ಲ ಭಾಷೆಯಲ್ಲಿಯೇ ಸಂವಹನ ಮಾಡುತ್ತಾರೆ. ಆದರೆ ನಮ್ಮ ತಂದೆ-ತಾಯಂದಿರಲ್ಲಿ ಇಂಗ್ಲಿಷ್ ಕಲಿಯುವುದೇ ಒಂದು ದೊಡ್ಡ ಸಾಧನೆ ಅನ್ನುವ ಭಾವನೆ ಹೆಚ್ಚಾಗುತ್ತಿದೆ. ಇಂಗ್ಲಿಷ್ ಕಲಿಸಿ. ಆದರೆ ನಮ್ಮ ಅಪ್ಪ ಭಾಷೆಯಾದ ಕುಂದಾಪ್ರ ಕನ್ನಡವನ್ನು ಎಲ್ಲಿ ಹೋದರೂ ಮರೆಯಬೇಡಿ ಎಂದ ಅವರು, ಕಡಿಮೆ ಶಬ್ದಗಳಲ್ಲಿ ಹೆಚ್ಚು ಸಂವಹನ ನಡೆಸುವ ನಮ್ಮ ಕುಂದಾಪ್ರ ಭಾಷೆ ಎಷ್ಟು ಆಕರ್ಷಕವಾಗಿದೆ. ಬ್ರಿಟಿಷರು ಭಾರತಕ್ಕೆ ಬರುವ ಮೊದಲೇ ನಾವು "ಶಾರ್ಟ್ ಹ್ಯಾಂಡ್" ಆಗಿ ಭಾಷೆಯನ್ನು ಬಳಸುತ್ತಿದ್ದೇವು. ನಮ್ಮ ಕುಂದಾಪ್ರ ಭಾಗದ ಕೆಲವೊಂದು ಶಬ್ದಗಳನ್ನು ಬಳಸುವುದೇ ಚೆಂದ ಎಂದವರು ಉದಾಹರಣೆ ಸಹಿತ ತಿಳಿಸಿದರು. ಕಲಾಕ್ಷೇತ್ರ ಟ್ರಸ್ಟ್ ಅಧ್ಯಕ್ಷ ಕಿಶೋರ್ ಕುಮಾರ್ ಕುಂದಾಪುರ ಸ್ವಾಗತಿಸಿದರು.
